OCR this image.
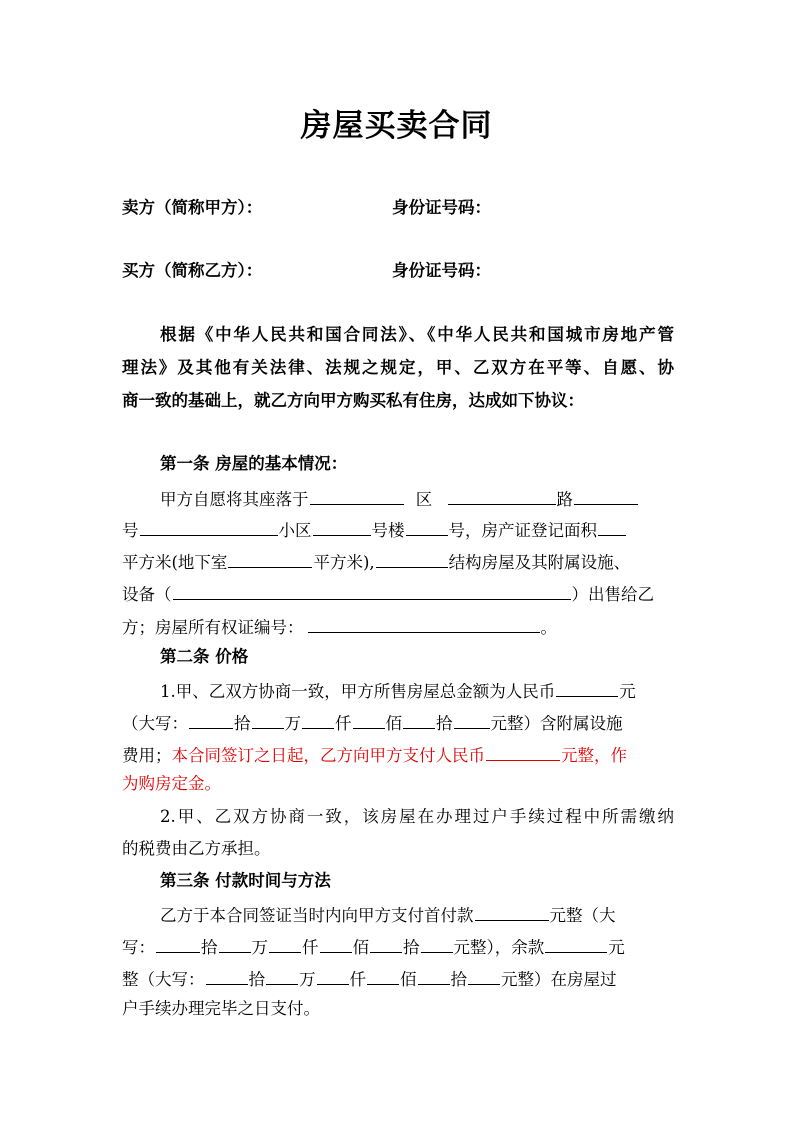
房屋买卖合同
卖方（简称甲方）：	身份证号码：
买方（简称乙方）：	身份证号码：
根据《中华人民共和国合同法》、《中华人民共和国城市房地产管
理法》及其他有关法律、法规之规定，甲、乙双方在平等、自愿、协
商一致的基础上，就乙方向甲方购买私有住房，达成如下协议：
第一条 房屋的基本情况：
甲方自愿将其座落于	区	路
号	小区	号楼	号，房产证登记面积
平方米(地下室	平方米),	结构房屋及其附属设施、
设备（	）出售给乙
方；房屋所有权证编号：	。
第二条 价格
1.甲、乙双方协商一致，甲方所售房屋总金额为人民币	元
（大写：	拾 万 仟 佰 拾 元整）含附属设施
费用；本合同签订之日起，乙方向甲方支付人民币	元整，作
为购房定金。
2.甲、乙双方协商一致，该房屋在办理过户手续过程中所需缴纳
的税费由乙方承担。
第三条 付款时间与方法
乙方于本合同签证当时内向甲方支付首付款	元整（大
写：	拾 万 仟 佰 拾 元整），余款	元
整（大写：	拾 万 仟 佰 拾 元整）在房屋过
户手续办理完毕之日支付。
